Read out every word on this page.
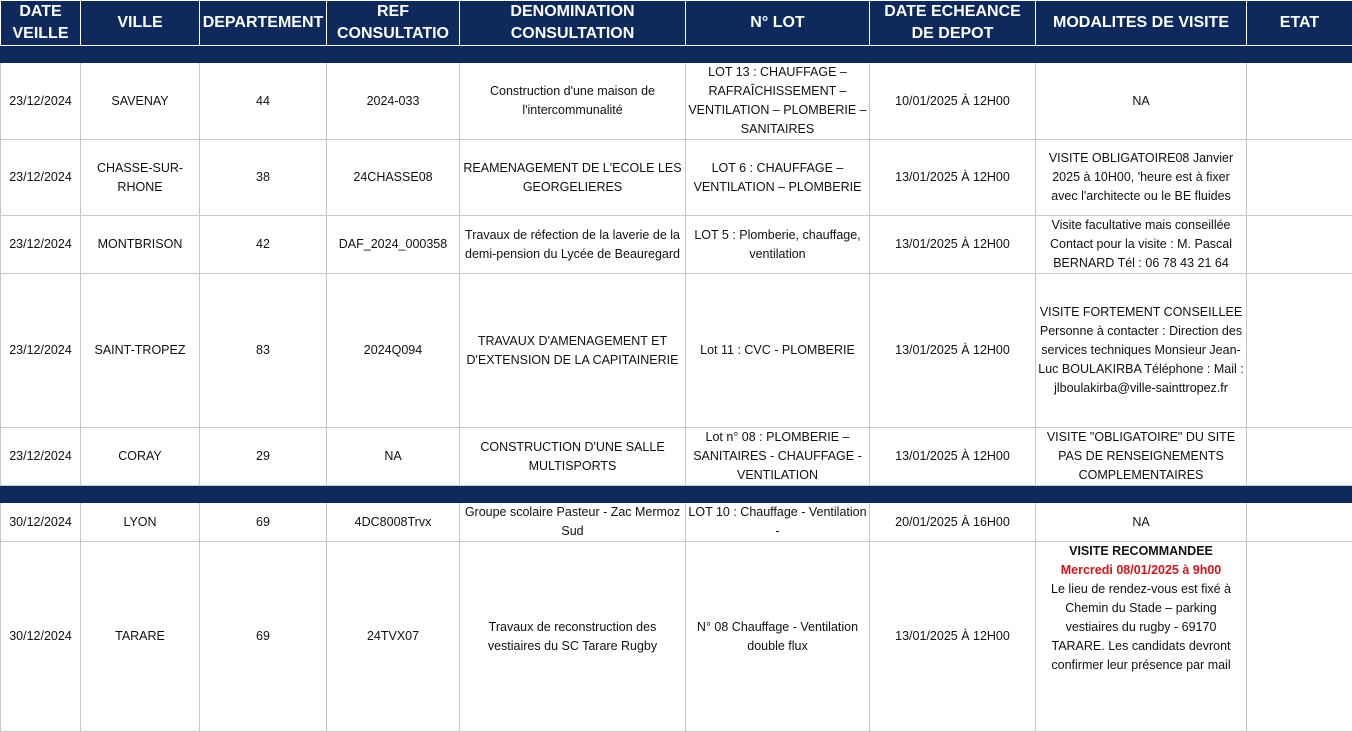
DATE VEILLE	VILLE	DEPARTEMENT	REF CONSULTATIO	DENOMINATION CONSULTATION	N° LOT	DATE ECHEANCE DE DEPOT	MODALITES DE VISITE	ETAT

23/12/2024	SAVENAY	44	2024-033	Construction d'une maison de l'intercommunalité	LOT 13 : CHAUFFAGE –RAFRAÎCHISSEMENT – VENTILATION – PLOMBERIE – SANITAIRES	10/01/2025 À 12H00	NA	
23/12/2024	CHASSE-SUR-RHONE	38	24CHASSE08	REAMENAGEMENT DE L'ECOLE LES GEORGELIERES	LOT 6 : CHAUFFAGE – VENTILATION – PLOMBERIE	13/01/2025 À 12H00	VISITE OBLIGATOIRE08 Janvier 2025 à 10H00, 'heure est à fixer avec l'architecte ou le BE fluides	

23/12/2024	MONTBRISON	42	DAF_2024_000358	Travaux de réfection de la laverie de la demi-pension du Lycée de Beauregard	LOT 5 : Plomberie, chauffage, ventilation	13/01/2025 À 12H00	Visite facultative mais conseillée Contact pour la visite : M. Pascal BERNARD Tél : 06 78 43 21 64	

23/12/2024	SAINT-TROPEZ	83	2024Q094	TRAVAUX D'AMENAGEMENT ET D'EXTENSION DE LA CAPITAINERIE	Lot 11 : CVC - PLOMBERIE	13/01/2025 À 12H00	VISITE FORTEMENT CONSEILLEE Personne à contacter : Direction des services techniques Monsieur Jean-Luc BOULAKIRBA Téléphone : Mail : jlboulakirba@ville-sainttropez.fr	

23/12/2024	CORAY	29	NA	CONSTRUCTION D'UNE SALLE MULTISPORTS	Lot n° 08 : PLOMBERIE – SANITAIRES - CHAUFFAGE - VENTILATION	13/01/2025 À 12H00	VISITE "OBLIGATOIRE" DU SITE PAS DE RENSEIGNEMENTS COMPLEMENTAIRES	

30/12/2024	LYON	69	4DC8008Trvx	Groupe scolaire Pasteur - Zac Mermoz Sud	LOT 10 : Chauffage - Ventilation -	20/01/2025 À 16H00	NA	
30/12/2024	TARARE	69	24TVX07	Travaux de reconstruction des vestiaires du SC Tarare Rugby	N° 08 Chauffage - Ventilation double flux	13/01/2025 À 12H00	VISITE RECOMMANDEE
Mercredi 08/01/2025 à 9h00
Le lieu de rendez-vous est fixé à Chemin du Stade – parking vestiaires du rugby - 69170 TARARE. Les candidats devront confirmer leur présence par mail	
